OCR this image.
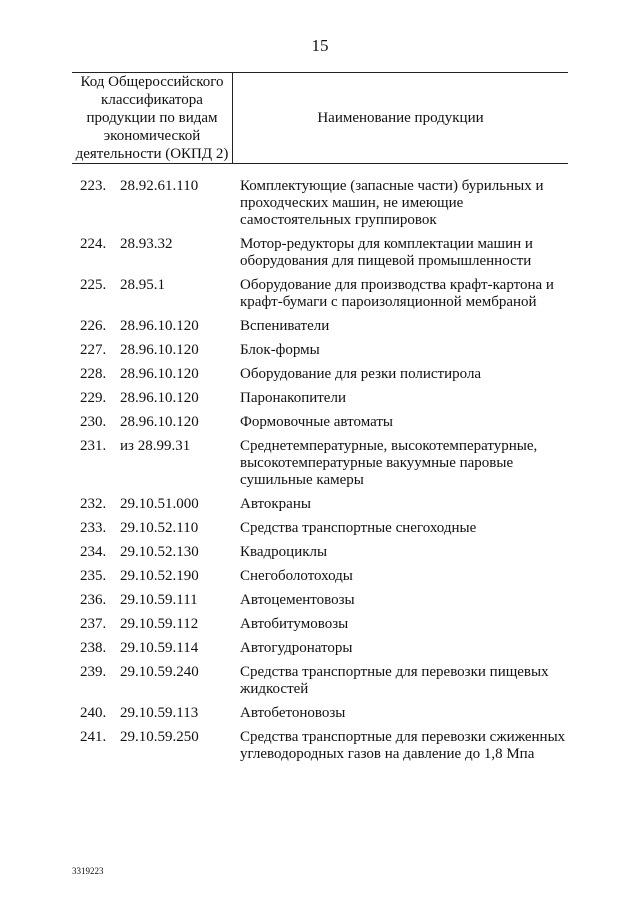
15
Код Общероссийского
классификатора
продукции по видам
экономической
деятельности (ОКПД 2)
Наименование продукции
223. 28.92.61.110	Комплектующие (запасные части) бурильных и проходческих машин, не имеющие самостоятельных группировок
224. 28.93.32	Мотор-редукторы для комплектации машин и оборудования для пищевой промышленности
225. 28.95.1	Оборудование для производства крафт-картона и крафт-бумаги с пароизоляционной мембраной
226. 28.96.10.120	Вспениватели
227. 28.96.10.120	Блок-формы
228. 28.96.10.120	Оборудование для резки полистирола
229. 28.96.10.120	Паронакопители
230. 28.96.10.120	Формовочные автоматы
231. из 28.99.31	Среднетемпературные, высокотемпературные, высокотемпературные вакуумные паровые сушильные камеры
232. 29.10.51.000	Автокраны
233. 29.10.52.110	Средства транспортные снегоходные
234. 29.10.52.130	Квадроциклы
235. 29.10.52.190	Снегоболотоходы
236. 29.10.59.111	Автоцементовозы
237. 29.10.59.112	Автобитумовозы
238. 29.10.59.114	Автогудронаторы
239. 29.10.59.240	Средства транспортные для перевозки пищевых жидкостей
240. 29.10.59.113	Автобетоновозы
241. 29.10.59.250	Средства транспортные для перевозки сжиженных углеводородных газов на давление до 1,8 Мпа
3319223
